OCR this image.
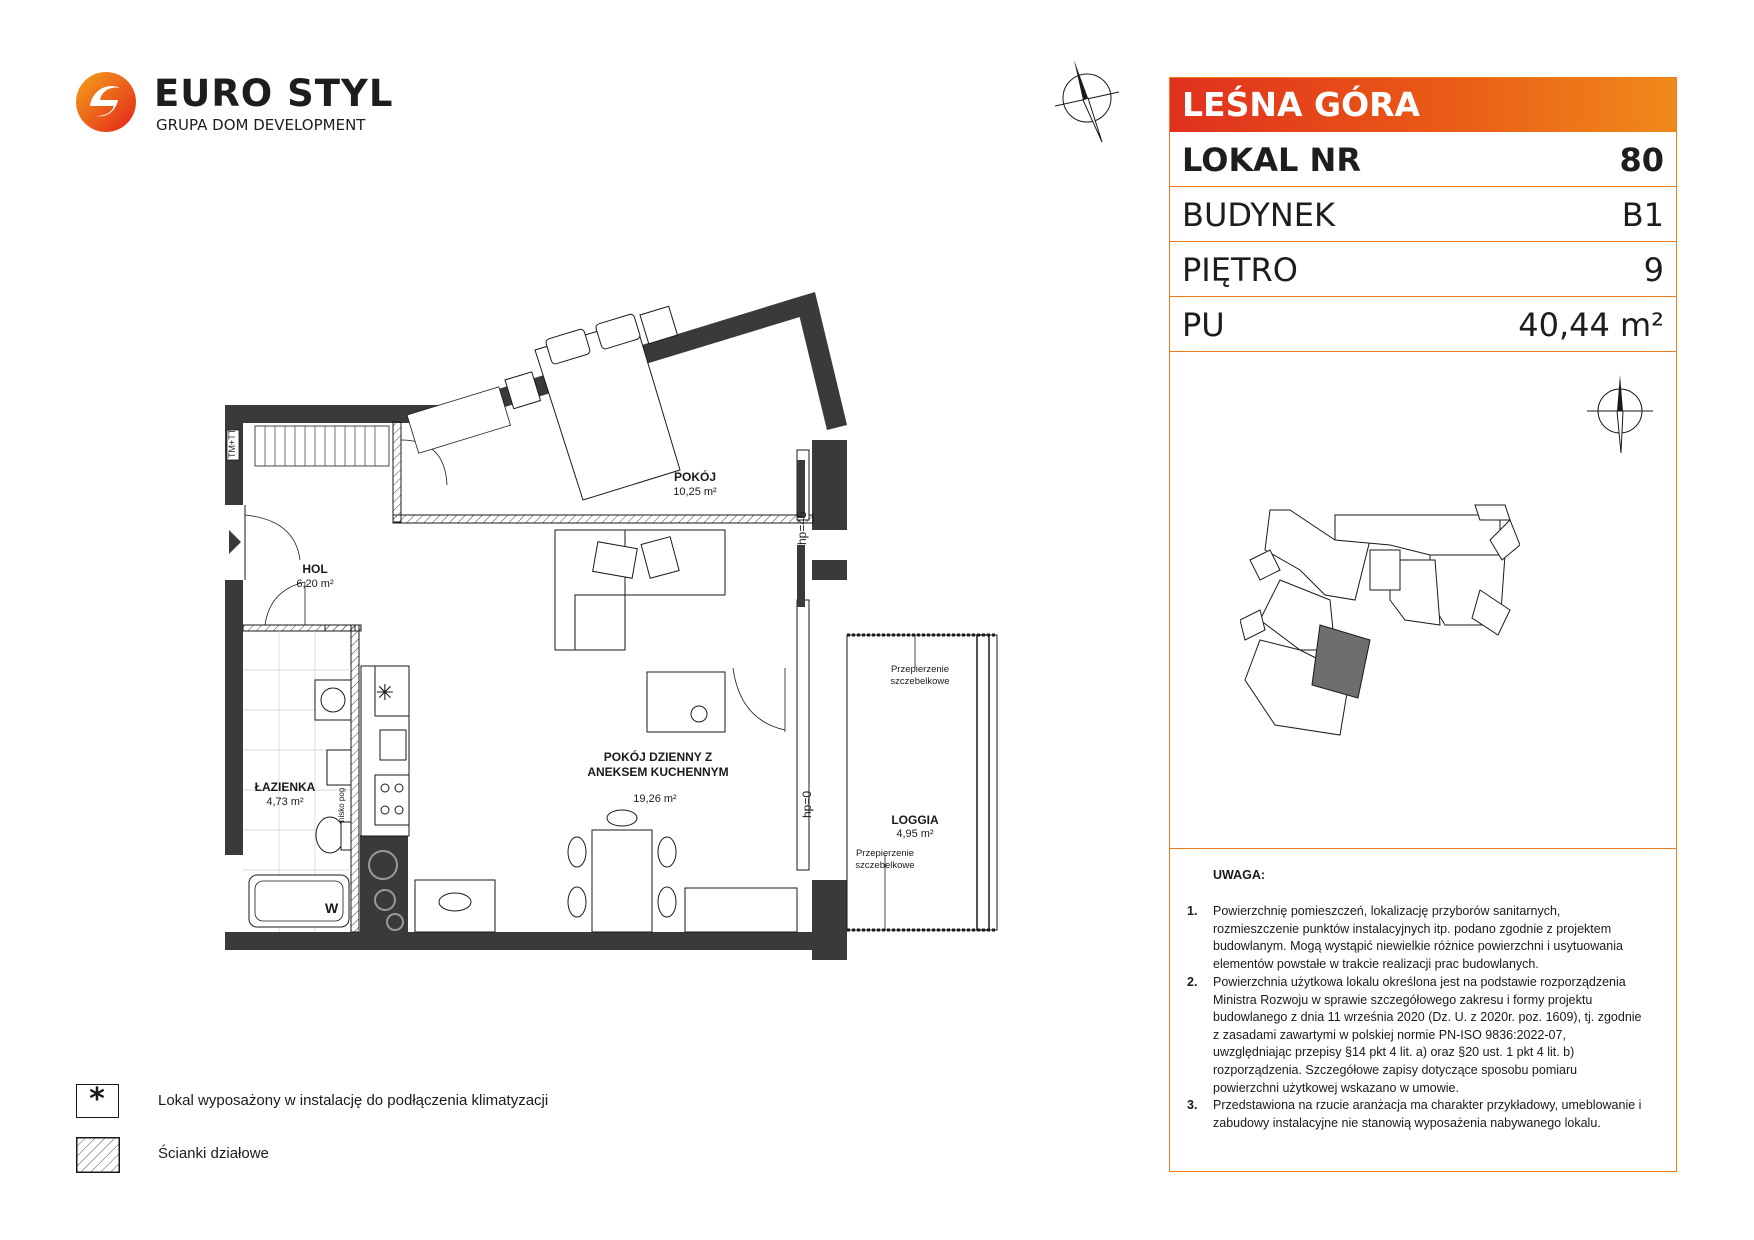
EURO STYL
GRUPA DOM DEVELOPMENT
✳
POKÓJ
10,25 m²
HOL
6,20 m²
ŁAZIENKA
4,73 m²
POKÓJ DZIENNY Z
ANEKSEM KUCHENNYM
19,26 m²
LOGGIA
4,95 m²
Przepierzenie
szczebelkowe
Przepierzenie
szczebelkowe
hp=45
hp=0
TM+TT
nisko pog
W
LEŚNA GÓRA
LOKAL NR	80
BUDYNEK	B1
PIĘTRO	9
PU	40,44 m²
UWAGA:
1. Powierzchnię pomieszczeń, lokalizację przyborów sanitarnych, rozmieszczenie punktów instalacyjnych itp. podano zgodnie z projektem budowlanym. Mogą wystąpić niewielkie różnice powierzchni i usytuowania elementów powstałe w trakcie realizacji prac budowlanych.
2. Powierzchnia użytkowa lokalu określona jest na podstawie rozporządzenia Ministra Rozwoju w sprawie szczegółowego zakresu i formy projektu budowlanego z dnia 11 września 2020 (Dz. U. z 2020r. poz. 1609), tj. zgodnie z zasadami zawartymi w polskiej normie PN-ISO 9836:2022-07, uwzględniając przepisy §14 pkt 4 lit. a) oraz §20 ust. 1 pkt 4 lit. b) rozporządzenia. Szczegółowe zapisy dotyczące sposobu pomiaru powierzchni użytkowej wskazano w umowie.
3. Przedstawiona na rzucie aranżacja ma charakter przykładowy, umeblowanie i zabudowy instalacyjne nie stanowią wyposażenia nabywanego lokalu.
*	Lokal wyposażony w instalację do podłączenia klimatyzacji
Ścianki działowe
